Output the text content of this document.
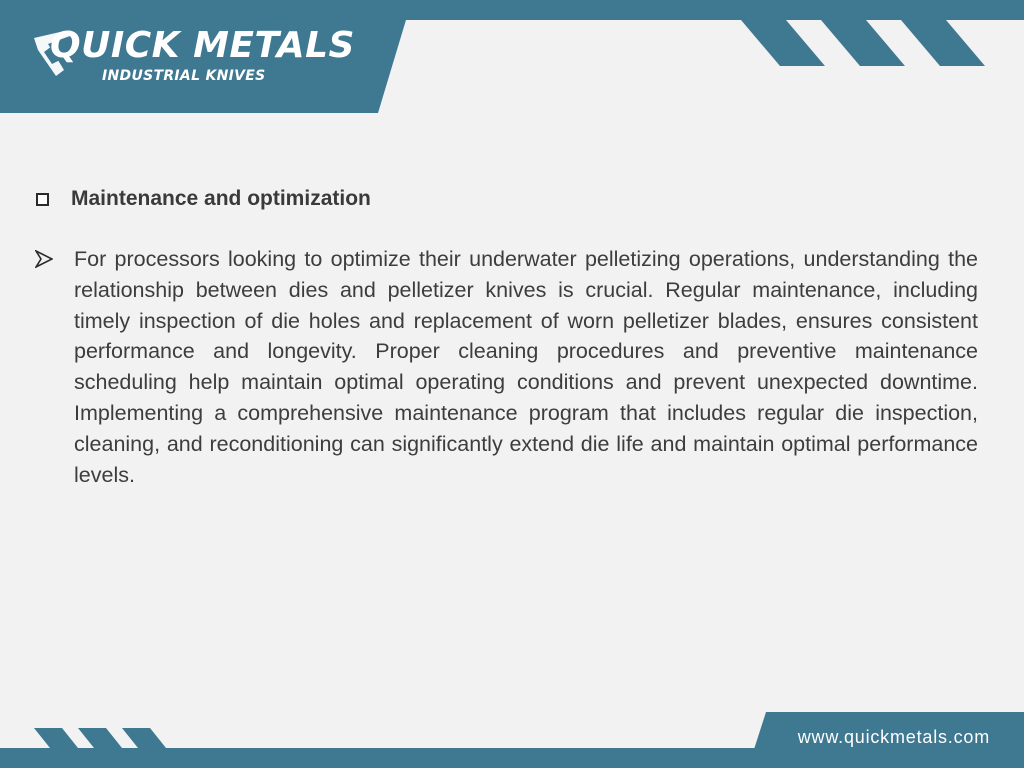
QUICK METALS

INDUSTRIAL KNIVES

Maintenance and optimization

For processors looking to optimize their underwater pelletizing operations, understanding the relationship between dies and pelletizer knives is crucial. Regular maintenance, including timely inspection of die holes and replacement of worn pelletizer blades, ensures consistent performance and longevity. Proper cleaning procedures and preventive maintenance scheduling help maintain optimal operating conditions and prevent unexpected downtime. Implementing a comprehensive maintenance program that includes regular die inspection, cleaning, and reconditioning can significantly extend die life and maintain optimal performance levels.

www.quickmetals.com
